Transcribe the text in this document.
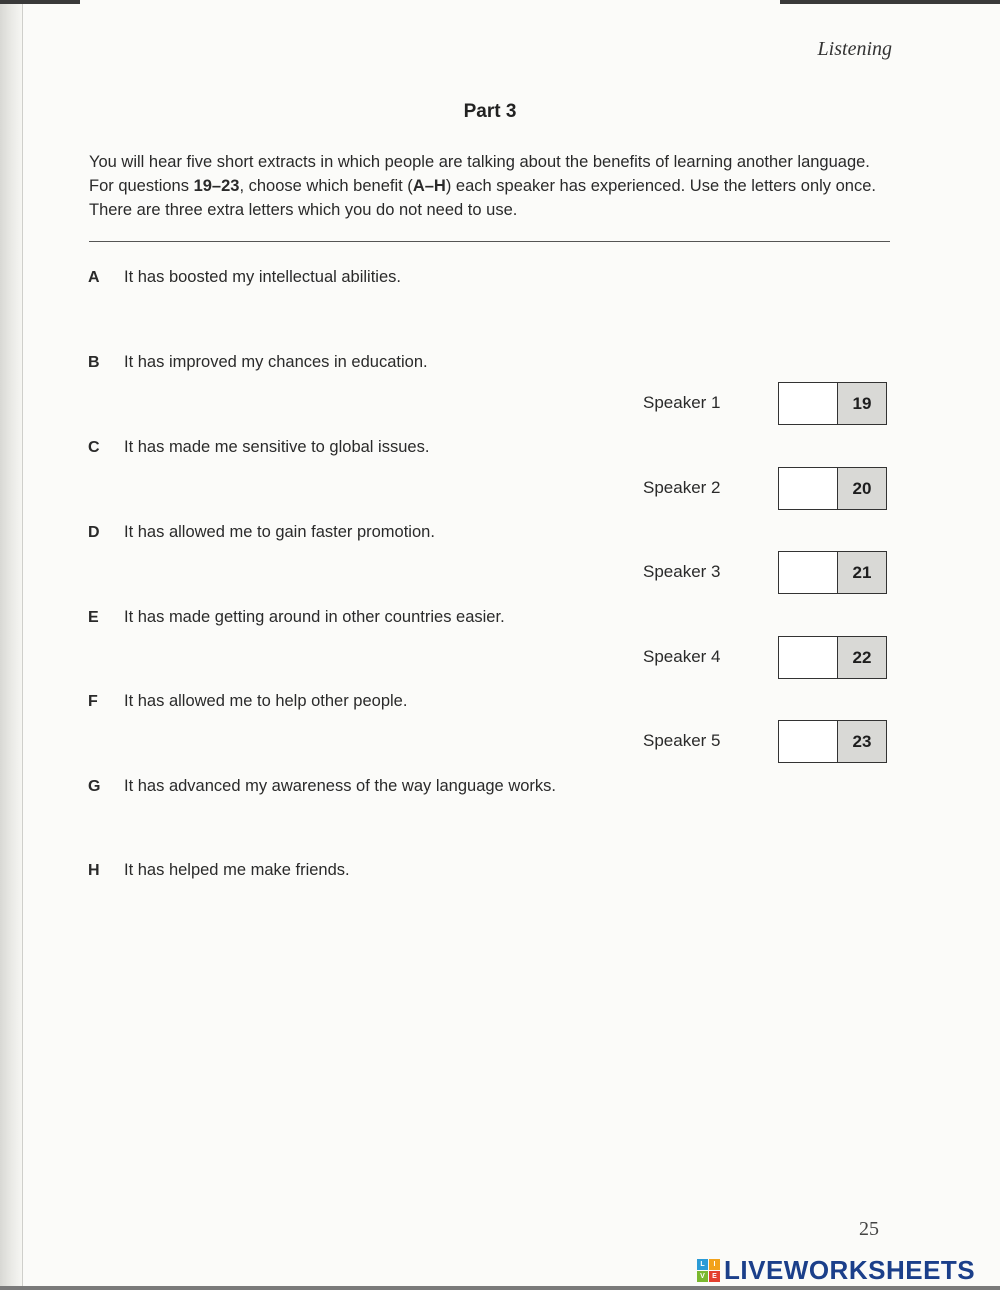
Listening
Part 3
You will hear five short extracts in which people are talking about the benefits of learning another language. For questions 19–23, choose which benefit (A–H) each speaker has experienced. Use the letters only once. There are three extra letters which you do not need to use.
A It has boosted my intellectual abilities.
B It has improved my chances in education.
C It has made me sensitive to global issues.
D It has allowed me to gain faster promotion.
E It has made getting around in other countries easier.
F It has allowed me to help other people.
G It has advanced my awareness of the way language works.
H It has helped me make friends.
Speaker 1	19
Speaker 2	20
Speaker 3	21
Speaker 4	22
Speaker 5	23
25
L	I
V	E LIVEWORKSHEETS
